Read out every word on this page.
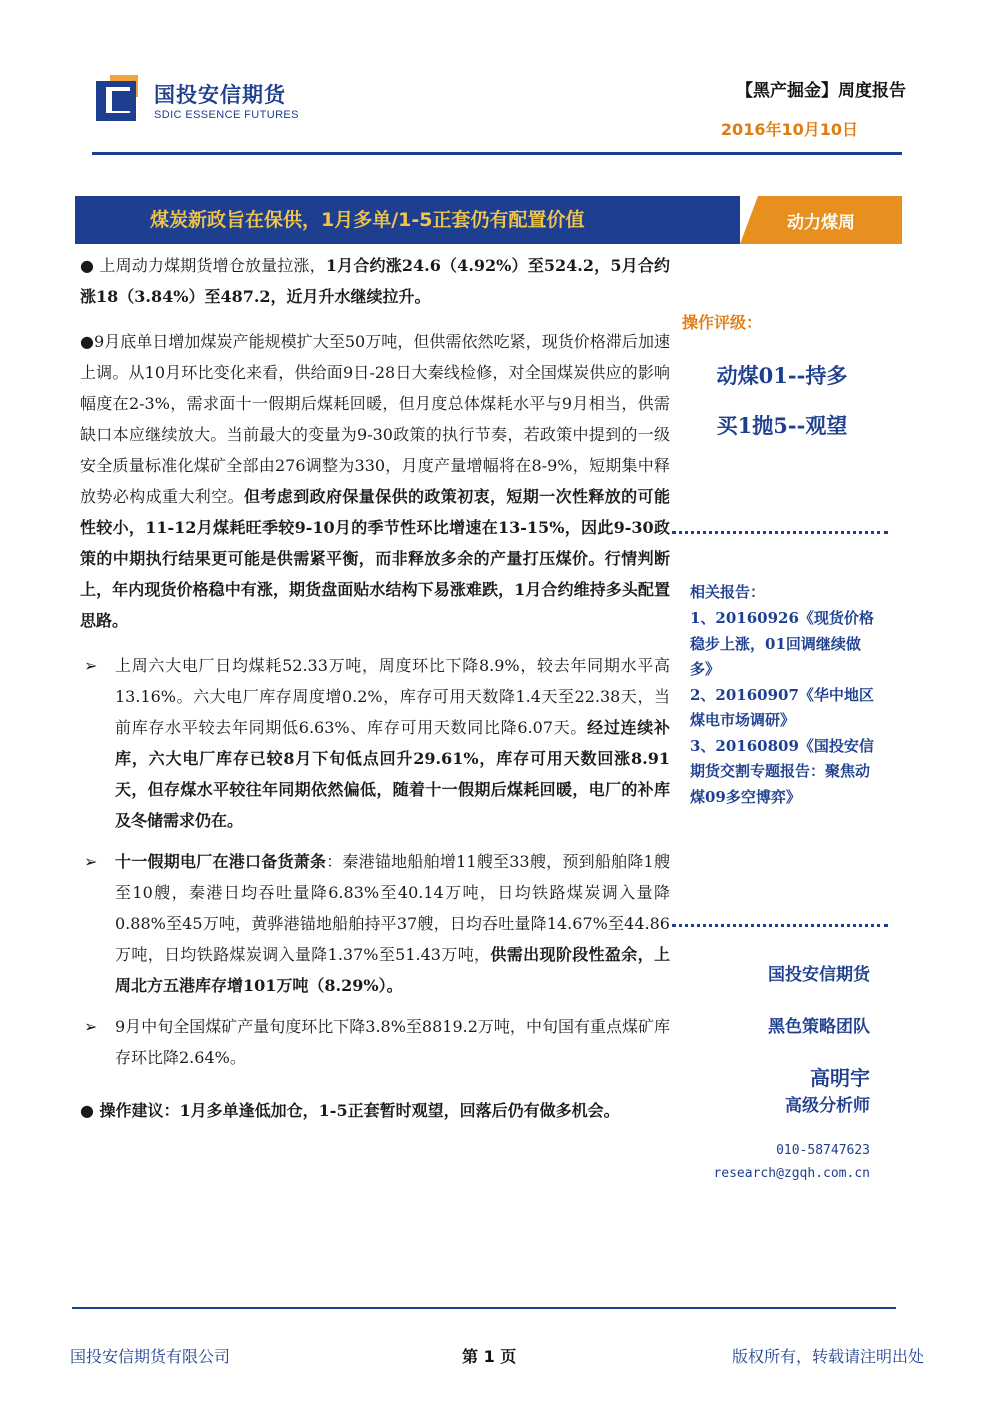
国投安信期货
SDIC ESSENCE FUTURES
【黑产掘金】周度报告
2016年10月10日
煤炭新政旨在保供，1月多单/1-5正套仍有配置价值	动力煤周

● 上周动力煤期货增仓放量拉涨，1月合约涨24.6（4.92%）至524.2，5月合约涨18（3.84%）至487.2，近月升水继续拉升。

●9月底单日增加煤炭产能规模扩大至50万吨，但供需依然吃紧，现货价格滞后加速上调。从10月环比变化来看，供给面9日-28日大秦线检修，对全国煤炭供应的影响幅度在2-3%，需求面十一假期后煤耗回暖，但月度总体煤耗水平与9月相当，供需缺口本应继续放大。当前最大的变量为9-30政策的执行节奏，若政策中提到的一级安全质量标准化煤矿全部由276调整为330，月度产量增幅将在8-9%，短期集中释放势必构成重大利空。但考虑到政府保量保供的政策初衷，短期一次性释放的可能性较小，11-12月煤耗旺季较9-10月的季节性环比增速在13-15%，因此9-30政策的中期执行结果更可能是供需紧平衡，而非释放多余的产量打压煤价。行情判断上，年内现货价格稳中有涨，期货盘面贴水结构下易涨难跌，1月合约维持多头配置思路。

➢ 上周六大电厂日均煤耗52.33万吨，周度环比下降8.9%，较去年同期水平高13.16%。六大电厂库存周度增0.2%，库存可用天数降1.4天至22.38天，当前库存水平较去年同期低6.63%、库存可用天数同比降6.07天。经过连续补库，六大电厂库存已较8月下旬低点回升29.61%，库存可用天数回涨8.91天，但存煤水平较往年同期依然偏低，随着十一假期后煤耗回暖，电厂的补库及冬储需求仍在。
➢ 十一假期电厂在港口备货萧条：秦港锚地船舶增11艘至33艘，预到船舶降1艘至10艘，秦港日均吞吐量降6.83%至40.14万吨，日均铁路煤炭调入量降0.88%至45万吨，黄骅港锚地船舶持平37艘，日均吞吐量降14.67%至44.86万吨，日均铁路煤炭调入量降1.37%至51.43万吨，供需出现阶段性盈余，上周北方五港库存增101万吨（8.29%）。
➢ 9月中旬全国煤矿产量旬度环比下降3.8%至8819.2万吨，中旬国有重点煤矿库存环比降2.64%。

● 操作建议：1月多单逢低加仓，1-5正套暂时观望，回落后仍有做多机会。

操作评级：
动煤01--持多
买1抛5--观望
相关报告：
1、20160926《现货价格稳步上涨，01回调继续做多》
2、20160907《华中地区煤电市场调研》
3、20160809《国投安信期货交割专题报告：聚焦动煤09多空博弈》
国投安信期货
黑色策略团队
高明宇
高级分析师
010-58747623
research@zgqh.com.cn
国投安信期货有限公司	第 1 页	版权所有，转载请注明出处
